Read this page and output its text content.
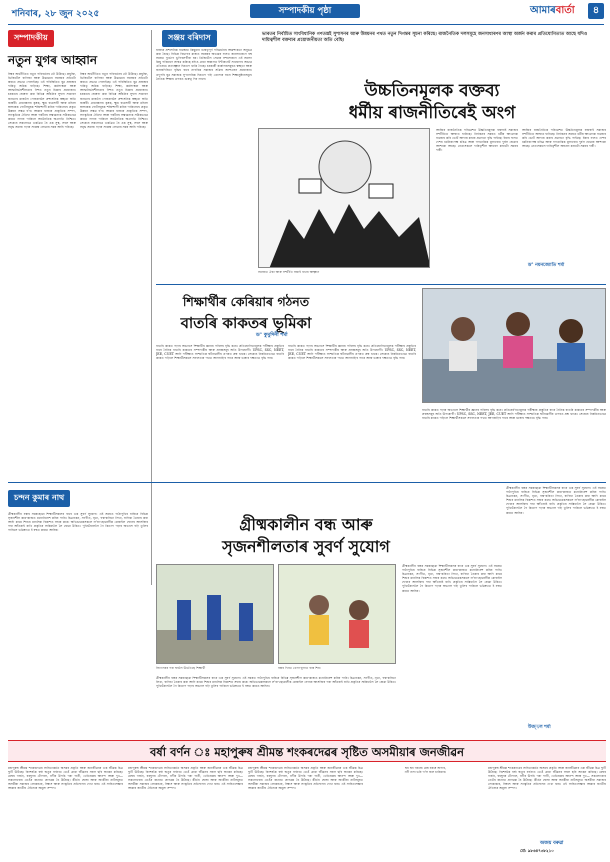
শনিবাৰ, ২৮ জুন ২০২৫	সম্পাদকীয় পৃষ্ঠা	আমাৰবাৰ্তা	৪
সম্পাদকীয়
নতুন যুগৰ আহ্বান
বিশ্বৰ অৰ্থনীতিত নতুন পৰিবৰ্তনৰ ঢৌ উঠিছে। প্ৰযুক্তি, ডিজিটেল বাণিজ্য আৰু উদ্ভাৱনে সমাজৰ প্ৰতিটো স্তৰতে প্ৰভাৱ পেলাইছে। এই পৰিস্থিতিত যুৱ প্ৰজন্মৰ দায়িত্ব অধিক বাঢ়িছে। শিক্ষা, কৰ্মসংস্থান আৰু আত্মনিৰ্ভৰশীলতাৰ দিশত নতুন চিন্তাৰ প্ৰয়োজন। চৰকাৰে ঘোষণা কৰা বিভিন্ন আঁচনিৰ সুফল সাধাৰণ জনতাৰ মাজলৈ পোহৰাবলৈ প্ৰশাসনিক স্বচ্ছতা অতি জৰুৰী। গ্ৰামাঞ্চলৰ কৃষক, ক্ষুদ্ৰ ব্যৱসায়ী আৰু মহিলা স্বসহায়ক গোটসমূহক শক্তিশালী কৰিব পাৰিলেহে প্ৰকৃত উন্নয়ন সম্ভৱ হ'ব। আমাৰ ৰাজ্যৰ প্ৰাকৃতিক সম্পদ, সাংস্কৃতিক ঐতিহ্য আৰু পৰ্যটনৰ সম্ভাৱনাক সঠিকভাৱে কামত লগাব পাৰিলে অৰ্থনৈতিক অগ্ৰগতি নিশ্চিত। সেয়েহে সকলোৱে একত্ৰিত হৈ এক সুস্থ, সবল আৰু সমৃদ্ধ সমাজ গঢ়াৰ সংকল্প লোৱাৰ সময় আহি পৰিছে।
বিশ্বৰ অৰ্থনীতিত নতুন পৰিবৰ্তনৰ ঢৌ উঠিছে। প্ৰযুক্তি, ডিজিটেল বাণিজ্য আৰু উদ্ভাৱনে সমাজৰ প্ৰতিটো স্তৰতে প্ৰভাৱ পেলাইছে। এই পৰিস্থিতিত যুৱ প্ৰজন্মৰ দায়িত্ব অধিক বাঢ়িছে। শিক্ষা, কৰ্মসংস্থান আৰু আত্মনিৰ্ভৰশীলতাৰ দিশত নতুন চিন্তাৰ প্ৰয়োজন। চৰকাৰে ঘোষণা কৰা বিভিন্ন আঁচনিৰ সুফল সাধাৰণ জনতাৰ মাজলৈ পোহৰাবলৈ প্ৰশাসনিক স্বচ্ছতা অতি জৰুৰী। গ্ৰামাঞ্চলৰ কৃষক, ক্ষুদ্ৰ ব্যৱসায়ী আৰু মহিলা স্বসহায়ক গোটসমূহক শক্তিশালী কৰিব পাৰিলেহে প্ৰকৃত উন্নয়ন সম্ভৱ হ'ব। আমাৰ ৰাজ্যৰ প্ৰাকৃতিক সম্পদ, সাংস্কৃতিক ঐতিহ্য আৰু পৰ্যটনৰ সম্ভাৱনাক সঠিকভাৱে কামত লগাব পাৰিলে অৰ্থনৈতিক অগ্ৰগতি নিশ্চিত। সেয়েহে সকলোৱে একত্ৰিত হৈ এক সুস্থ, সবল আৰু সমৃদ্ধ সমাজ গঢ়াৰ সংকল্প লোৱাৰ সময় আহি পৰিছে।
সঞ্জয় বৰিদাস
ৰাজ্যৰ প্ৰশাসনিক ব্যৱস্থাত কিছুমান গুৰুত্বপূৰ্ণ পৰিৱৰ্তনৰ আৱশ্যকতা অনুভৱ কৰা হৈছে। বিভিন্ন বিভাগৰ মাজত সমন্বয়ৰ অভাৱৰ ফলত জনসাধাৰণে বহু সময়ত দুৰ্ভোগ ভুগিবলগীয়া হয়। ডিজিটেল সেৱাৰ সম্প্ৰসাৰণে এই সমস্যা কিছু পৰিমাণে লাঘৱ কৰিছে যদিও গ্ৰাম্য অঞ্চলত ইণ্টাৰনেট সংযোগৰ অভাৱ এতিয়াও প্ৰত্যাহ্বান হিচাপে থাকি গৈছে। চৰকাৰী কাৰ্যালয়সমূহত স্বচ্ছতা আৰু জবাবদিহিতা বৃদ্ধিৰ বাবে নাগৰিক সমাজৰ সক্ৰিয় অংশগ্ৰহণ প্ৰয়োজন। তদুপৰি যুৱ সমাজক সু-নাগৰিক হিচাপে গঢ়ি তোলাৰ বাবে শিক্ষানুষ্ঠানসমূহে নৈতিক শিক্ষাৰ ওপৰত গুৰুত্ব দিব লাগে।
ভাৰতৰ নিৰ্বাচিত সাংবিধানিক গণতন্ত্ৰই সুশাসনৰ আৰু উন্নয়নৰ পথত নতুন দিগন্তৰ সূচনা কৰিছে। ৰাজনৈতিক দলসমূহে জনসাধাৰণৰ আস্থা অৰ্জন কৰাৰ প্ৰতিযোগিতাত আছে যদিও দায়িত্বশীল বক্তব্যৰ প্ৰয়োজনীয়তা অতি বেছি।
উচ্চতিনমূলক বক্তব্য
ধৰ্মীয় ৰাজনীতিৰেই অংগ
সমাজত ঐক্য আৰু সম্প্ৰীতি বজাই ৰখাৰ আহ্বান
আজিৰ ৰাজনৈতিক পৰিৱেশত উচ্চতিনমূলক বক্তব্যই সমাজৰ সম্প্ৰীতিত আঘাত হানিছে। নিৰ্বাচনৰ সময়ত ধৰ্মীয় আৱেগক ব্যৱহাৰ কৰি ভোট আদায় কৰাৰ প্ৰৱণতা বৃদ্ধি পাইছে। ইয়াৰ ফলত দেশৰ ধৰ্মনিৰপেক্ষ চৰিত্ৰ আৰু গণতান্ত্ৰিক মূল্যবোধ দুৰ্বল হোৱাৰ আশংকা আছে। নেতাসকলে দায়িত্বশীল আচৰণ কৰাটো সময়ৰ দাবী।
আজিৰ ৰাজনৈতিক পৰিৱেশত উচ্চতিনমূলক বক্তব্যই সমাজৰ সম্প্ৰীতিত আঘাত হানিছে। নিৰ্বাচনৰ সময়ত ধৰ্মীয় আৱেগক ব্যৱহাৰ কৰি ভোট আদায় কৰাৰ প্ৰৱণতা বৃদ্ধি পাইছে। ইয়াৰ ফলত দেশৰ ধৰ্মনিৰপেক্ষ চৰিত্ৰ আৰু গণতান্ত্ৰিক মূল্যবোধ দুৰ্বল হোৱাৰ আশংকা আছে। নেতাসকলে দায়িত্বশীল আচৰণ কৰাটো সময়ৰ দাবী।
ড° নয়নজ্যোতি শৰ্মা
শিক্ষাৰ্থীৰ কেৰিয়াৰ গঠনত
বাতৰি কাকতৰ ভূমিকা
ড° কুমুদিনী শৰ্মা
বাতৰি কাকত পঢ়াৰ অভ্যাসে শিক্ষাৰ্থীৰ জ্ঞানৰ পৰিসৰ বৃদ্ধি কৰে। প্ৰতিযোগিতামূলক পৰীক্ষাৰ প্ৰস্তুতিৰ বাবে দৈনিক বাতৰি কাকতৰ সম্পাদকীয় আৰু প্ৰবন্ধসমূহ অতি উপযোগী। UPSC, SSC, NEET, JEE, CUET আদি পৰীক্ষাত সাম্প্ৰতিক ঘটনাৱলীৰ ওপৰত প্ৰশ্ন থাকে। সেয়েহে নিয়মিতভাৱে বাতৰি কাকত পঢ়িলে শিক্ষাৰ্থীসকলে সফলতাৰ পথত আগবাঢ়িব পাৰে আৰু ভাষাৰ দক্ষতাও বৃদ্ধি পায়।
বাতৰি কাকত পঢ়াৰ অভ্যাসে শিক্ষাৰ্থীৰ জ্ঞানৰ পৰিসৰ বৃদ্ধি কৰে। প্ৰতিযোগিতামূলক পৰীক্ষাৰ প্ৰস্তুতিৰ বাবে দৈনিক বাতৰি কাকতৰ সম্পাদকীয় আৰু প্ৰবন্ধসমূহ অতি উপযোগী। UPSC, SSC, NEET, JEE, CUET আদি পৰীক্ষাত সাম্প্ৰতিক ঘটনাৱলীৰ ওপৰত প্ৰশ্ন থাকে। সেয়েহে নিয়মিতভাৱে বাতৰি কাকত পঢ়িলে শিক্ষাৰ্থীসকলে সফলতাৰ পথত আগবাঢ়িব পাৰে আৰু ভাষাৰ দক্ষতাও বৃদ্ধি পায়।
বাতৰি কাকত পঢ়াৰ অভ্যাসে শিক্ষাৰ্থীৰ জ্ঞানৰ পৰিসৰ বৃদ্ধি কৰে। প্ৰতিযোগিতামূলক পৰীক্ষাৰ প্ৰস্তুতিৰ বাবে দৈনিক বাতৰি কাকতৰ সম্পাদকীয় আৰু প্ৰবন্ধসমূহ অতি উপযোগী। UPSC, SSC, NEET, JEE, CUET আদি পৰীক্ষাত সাম্প্ৰতিক ঘটনাৱলীৰ ওপৰত প্ৰশ্ন থাকে। সেয়েহে নিয়মিতভাৱে বাতৰি কাকত পঢ়িলে শিক্ষাৰ্থীসকলে সফলতাৰ পথত আগবাঢ়িব পাৰে আৰু ভাষাৰ দক্ষতাও বৃদ্ধি পায়।
চন্দন কুমাৰ নাথ
গ্ৰীষ্মকালীন বন্ধ আৰু
সৃজনশীলতাৰ সুবৰ্ণ সুযোগ
গ্ৰীষ্মকালীন বন্ধৰ সময়ছোৱা শিক্ষাৰ্থীসকলৰ বাবে এক সুবৰ্ণ সুযোগ। এই সময়ত পাঠ্যপুথিৰ বাহিৰে বিভিন্ন সৃজনশীল কাম-কাজত মনোনিবেশ কৰিব পাৰি। চিত্ৰাংকন, সংগীত, নৃত্য, গল্প-কবিতা লিখা, বাগিচা তৈয়াৰ কৰা আদি কামে শিশুৰ মানসিক বিকাশত সহায় কৰে। অভিভাৱকসকলে ল'ৰা-ছোৱালীক মোবাইল ফোনৰ আসক্তিৰ পৰা আঁতৰাই ৰাখি প্ৰকৃতিৰ সান্নিধ্যলৈ লৈ যোৱা উচিত। পুথিভঁৰাললৈ গৈ কিতাপ পঢ়াৰ অভ্যাস গঢ়ি তুলিব পাৰিলে ভৱিষ্যতে ই বহুত কামত আহিব।
বিদ্যালয়ৰ পৰা ঘৰলৈ উভতিছে শিক্ষাৰ্থী	বন্ধৰ দিনত খেলা-ধূলাত ব্যস্ত শিশু
গ্ৰীষ্মকালীন বন্ধৰ সময়ছোৱা শিক্ষাৰ্থীসকলৰ বাবে এক সুবৰ্ণ সুযোগ। এই সময়ত পাঠ্যপুথিৰ বাহিৰে বিভিন্ন সৃজনশীল কাম-কাজত মনোনিবেশ কৰিব পাৰি। চিত্ৰাংকন, সংগীত, নৃত্য, গল্প-কবিতা লিখা, বাগিচা তৈয়াৰ কৰা আদি কামে শিশুৰ মানসিক বিকাশত সহায় কৰে। অভিভাৱকসকলে ল'ৰা-ছোৱালীক মোবাইল ফোনৰ আসক্তিৰ পৰা আঁতৰাই ৰাখি প্ৰকৃতিৰ সান্নিধ্যলৈ লৈ যোৱা উচিত। পুথিভঁৰাললৈ গৈ কিতাপ পঢ়াৰ অভ্যাস গঢ়ি তুলিব পাৰিলে ভৱিষ্যতে ই বহুত কামত আহিব।
গ্ৰীষ্মকালীন বন্ধৰ সময়ছোৱা শিক্ষাৰ্থীসকলৰ বাবে এক সুবৰ্ণ সুযোগ। এই সময়ত পাঠ্যপুথিৰ বাহিৰে বিভিন্ন সৃজনশীল কাম-কাজত মনোনিবেশ কৰিব পাৰি। চিত্ৰাংকন, সংগীত, নৃত্য, গল্প-কবিতা লিখা, বাগিচা তৈয়াৰ কৰা আদি কামে শিশুৰ মানসিক বিকাশত সহায় কৰে। অভিভাৱকসকলে ল'ৰা-ছোৱালীক মোবাইল ফোনৰ আসক্তিৰ পৰা আঁতৰাই ৰাখি প্ৰকৃতিৰ সান্নিধ্যলৈ লৈ যোৱা উচিত। পুথিভঁৰাললৈ গৈ কিতাপ পঢ়াৰ অভ্যাস গঢ়ি তুলিব পাৰিলে ভৱিষ্যতে ই বহুত কামত আহিব।
গ্ৰীষ্মকালীন বন্ধৰ সময়ছোৱা শিক্ষাৰ্থীসকলৰ বাবে এক সুবৰ্ণ সুযোগ। এই সময়ত পাঠ্যপুথিৰ বাহিৰে বিভিন্ন সৃজনশীল কাম-কাজত মনোনিবেশ কৰিব পাৰি। চিত্ৰাংকন, সংগীত, নৃত্য, গল্প-কবিতা লিখা, বাগিচা তৈয়াৰ কৰা আদি কামে শিশুৰ মানসিক বিকাশত সহায় কৰে। অভিভাৱকসকলে ল'ৰা-ছোৱালীক মোবাইল ফোনৰ আসক্তিৰ পৰা আঁতৰাই ৰাখি প্ৰকৃতিৰ সান্নিধ্যলৈ লৈ যোৱা উচিত। পুথিভঁৰাললৈ গৈ কিতাপ পঢ়াৰ অভ্যাস গঢ়ি তুলিব পাৰিলে ভৱিষ্যতে ই বহুত কামত আহিব।
উজ্জ্বল শৰ্মা
বৰ্ষা বৰ্ণন ঃ মহাপুৰুষ শ্ৰীমন্ত শংকৰদেৱৰ সৃষ্টিত অসমীয়াৰ জনজীৱন
মহাপুৰুষ শ্ৰীমন্ত শংকৰদেৱৰ সাহিত্যকৰ্মত অসমৰ প্ৰকৃতি আৰু জনজীৱনৰ এক জীৱন্ত চিত্ৰ ফুটি উঠিছে। বিশেষকৈ বৰ্ষা ঋতুৰ বৰ্ণনাত তেওঁ গ্ৰাম্য জীৱনৰ সৰল ছবি অংকন কৰিছে। মেঘৰ গৰ্জন, বৰষুণৰ টোপাল, নদীৰ উপচি পৰা পানী, খেতিয়কৰ আনন্দ আৰু দুখ— সকলোবোৰ তেওঁৰ ৰচনাত প্ৰাণৱন্ত হৈ উঠিছে। কীৰ্তন ঘোষা আৰু অংকীয়া নাটসমূহত অসমীয়া সমাজৰ লোকাচাৰ, বিশ্বাস আৰু সংস্কৃতিৰ প্ৰতিফলন দেখা যায়। এই সাহিত্যসম্ভাৰ আমাৰ জাতীয় ঐতিহ্যৰ অমূল্য সম্পদ।
মহাপুৰুষ শ্ৰীমন্ত শংকৰদেৱৰ সাহিত্যকৰ্মত অসমৰ প্ৰকৃতি আৰু জনজীৱনৰ এক জীৱন্ত চিত্ৰ ফুটি উঠিছে। বিশেষকৈ বৰ্ষা ঋতুৰ বৰ্ণনাত তেওঁ গ্ৰাম্য জীৱনৰ সৰল ছবি অংকন কৰিছে। মেঘৰ গৰ্জন, বৰষুণৰ টোপাল, নদীৰ উপচি পৰা পানী, খেতিয়কৰ আনন্দ আৰু দুখ— সকলোবোৰ তেওঁৰ ৰচনাত প্ৰাণৱন্ত হৈ উঠিছে। কীৰ্তন ঘোষা আৰু অংকীয়া নাটসমূহত অসমীয়া সমাজৰ লোকাচাৰ, বিশ্বাস আৰু সংস্কৃতিৰ প্ৰতিফলন দেখা যায়। এই সাহিত্যসম্ভাৰ আমাৰ জাতীয় ঐতিহ্যৰ অমূল্য সম্পদ।
মহাপুৰুষ শ্ৰীমন্ত শংকৰদেৱৰ সাহিত্যকৰ্মত অসমৰ প্ৰকৃতি আৰু জনজীৱনৰ এক জীৱন্ত চিত্ৰ ফুটি উঠিছে। বিশেষকৈ বৰ্ষা ঋতুৰ বৰ্ণনাত তেওঁ গ্ৰাম্য জীৱনৰ সৰল ছবি অংকন কৰিছে। মেঘৰ গৰ্জন, বৰষুণৰ টোপাল, নদীৰ উপচি পৰা পানী, খেতিয়কৰ আনন্দ আৰু দুখ— সকলোবোৰ তেওঁৰ ৰচনাত প্ৰাণৱন্ত হৈ উঠিছে। কীৰ্তন ঘোষা আৰু অংকীয়া নাটসমূহত অসমীয়া সমাজৰ লোকাচাৰ, বিশ্বাস আৰু সংস্কৃতিৰ প্ৰতিফলন দেখা যায়। এই সাহিত্যসম্ভাৰ আমাৰ জাতীয় ঐতিহ্যৰ অমূল্য সম্পদ।
ঘন ঘন গৰজে মেঘ বৰষে অপাৰ,
নদী নলা ভৰি গ'ল জল চাৰিধাৰ।
মহাপুৰুষ শ্ৰীমন্ত শংকৰদেৱৰ সাহিত্যকৰ্মত অসমৰ প্ৰকৃতি আৰু জনজীৱনৰ এক জীৱন্ত চিত্ৰ ফুটি উঠিছে। বিশেষকৈ বৰ্ষা ঋতুৰ বৰ্ণনাত তেওঁ গ্ৰাম্য জীৱনৰ সৰল ছবি অংকন কৰিছে। মেঘৰ গৰ্জন, বৰষুণৰ টোপাল, নদীৰ উপচি পৰা পানী, খেতিয়কৰ আনন্দ আৰু দুখ— সকলোবোৰ তেওঁৰ ৰচনাত প্ৰাণৱন্ত হৈ উঠিছে। কীৰ্তন ঘোষা আৰু অংকীয়া নাটসমূহত অসমীয়া সমাজৰ লোকাচাৰ, বিশ্বাস আৰু সংস্কৃতিৰ প্ৰতিফলন দেখা যায়। এই সাহিত্যসম্ভাৰ আমাৰ জাতীয় ঐতিহ্যৰ অমূল্য সম্পদ।
অজয় বৰুৱা
মো: ৯৮৬৪৭৩৮২১০
